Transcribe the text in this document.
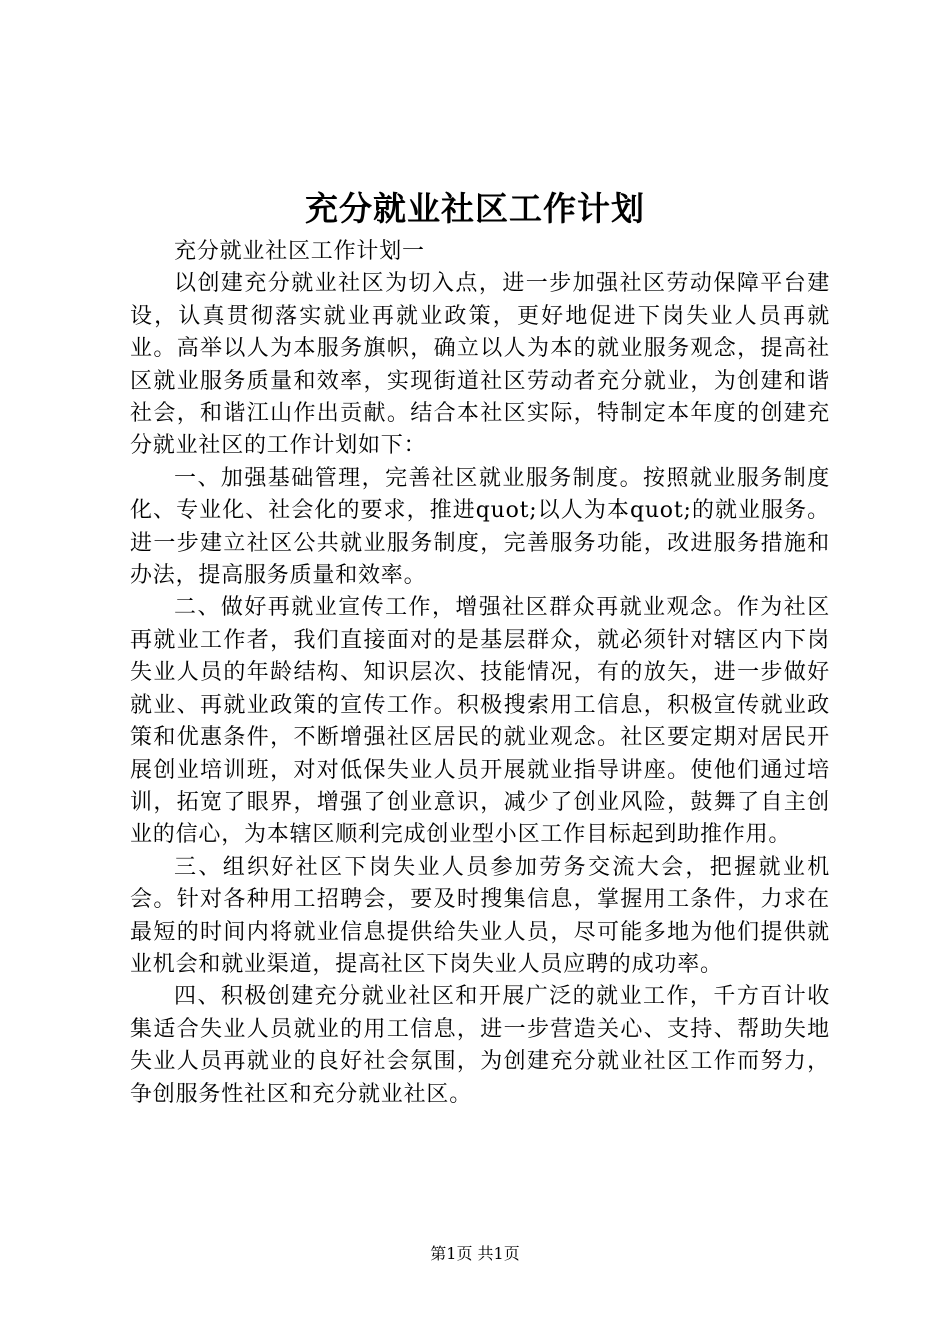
充分就业社区工作计划

充分就业社区工作计划一

以创建充分就业社区为切入点，进一步加强社区劳动保障平台建设，认真贯彻落实就业再就业政策，更好地促进下岗失业人员再就业。高举以人为本服务旗帜，确立以人为本的就业服务观念，提高社区就业服务质量和效率，实现街道社区劳动者充分就业，为创建和谐社会，和谐江山作出贡献。结合本社区实际，特制定本年度的创建充分就业社区的工作计划如下：

一、加强基础管理，完善社区就业服务制度。按照就业服务制度化、专业化、社会化的要求，推进quot;以人为本quot;的就业服务。进一步建立社区公共就业服务制度，完善服务功能，改进服务措施和办法，提高服务质量和效率。

二、做好再就业宣传工作，增强社区群众再就业观念。作为社区再就业工作者，我们直接面对的是基层群众，就必须针对辖区内下岗失业人员的年龄结构、知识层次、技能情况，有的放矢，进一步做好就业、再就业政策的宣传工作。积极搜索用工信息，积极宣传就业政策和优惠条件，不断增强社区居民的就业观念。社区要定期对居民开展创业培训班，对对低保失业人员开展就业指导讲座。使他们通过培训，拓宽了眼界，增强了创业意识，减少了创业风险，鼓舞了自主创业的信心，为本辖区顺利完成创业型小区工作目标起到助推作用。

三、组织好社区下岗失业人员参加劳务交流大会，把握就业机会。针对各种用工招聘会，要及时搜集信息，掌握用工条件，力求在最短的时间内将就业信息提供给失业人员，尽可能多地为他们提供就业机会和就业渠道，提高社区下岗失业人员应聘的成功率。

四、积极创建充分就业社区和开展广泛的就业工作，千方百计收集适合失业人员就业的用工信息，进一步营造关心、支持、帮助失地失业人员再就业的良好社会氛围，为创建充分就业社区工作而努力，争创服务性社区和充分就业社区。

第1页 共1页
